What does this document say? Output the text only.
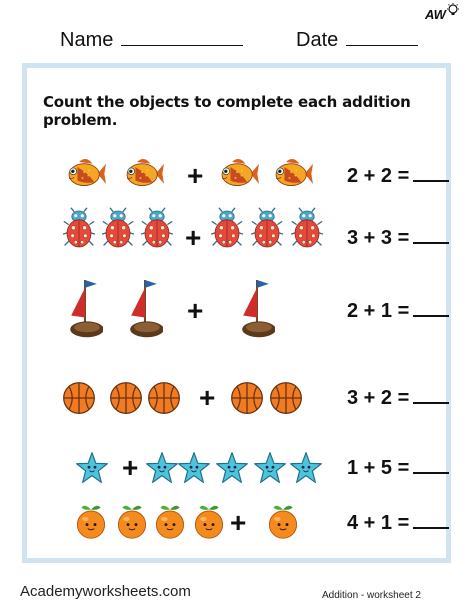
Name	Date
AW

Count the objects to complete each addition problem.

+	2 + 2 =
+	3 + 3 =
+	2 + 1 =
+	3 + 2 =
+	1 + 5 =
+	4 + 1 =
Academyworksheets.com	Addition - worksheet 2
